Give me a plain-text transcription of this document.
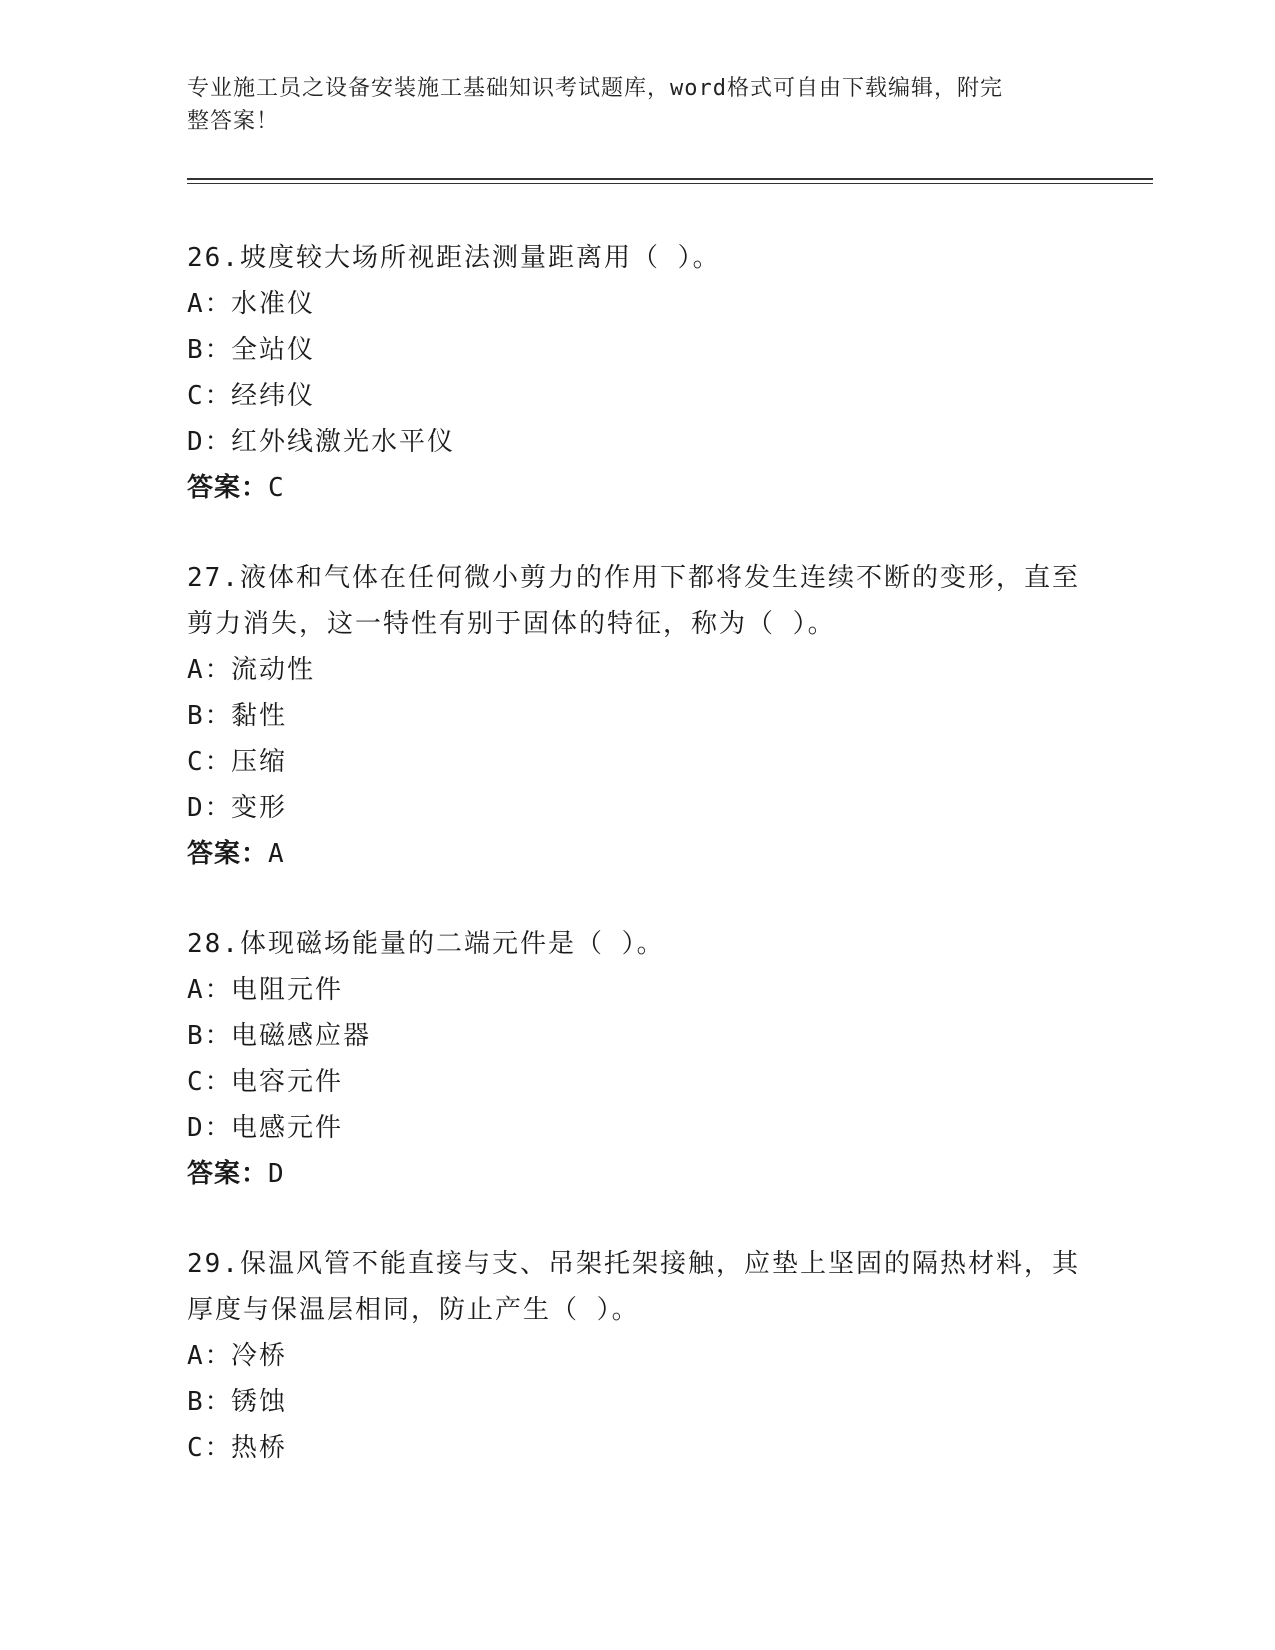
专业施工员之设备安装施工基础知识考试题库，word格式可自由下载编辑，附完
整答案！

26.坡度较大场所视距法测量距离用（ ）。

A：水准仪

B：全站仪

C：经纬仪

D：红外线激光水平仪

答案：C

27.液体和气体在任何微小剪力的作用下都将发生连续不断的变形，直至剪力消失，这一特性有别于固体的特征，称为（ ）。

A：流动性

B：黏性

C：压缩

D：变形

答案：A

28.体现磁场能量的二端元件是（ ）。

A：电阻元件

B：电磁感应器

C：电容元件

D：电感元件

答案：D

29.保温风管不能直接与支、吊架托架接触，应垫上坚固的隔热材料，其厚度与保温层相同，防止产生（ ）。

A：冷桥

B：锈蚀

C：热桥
